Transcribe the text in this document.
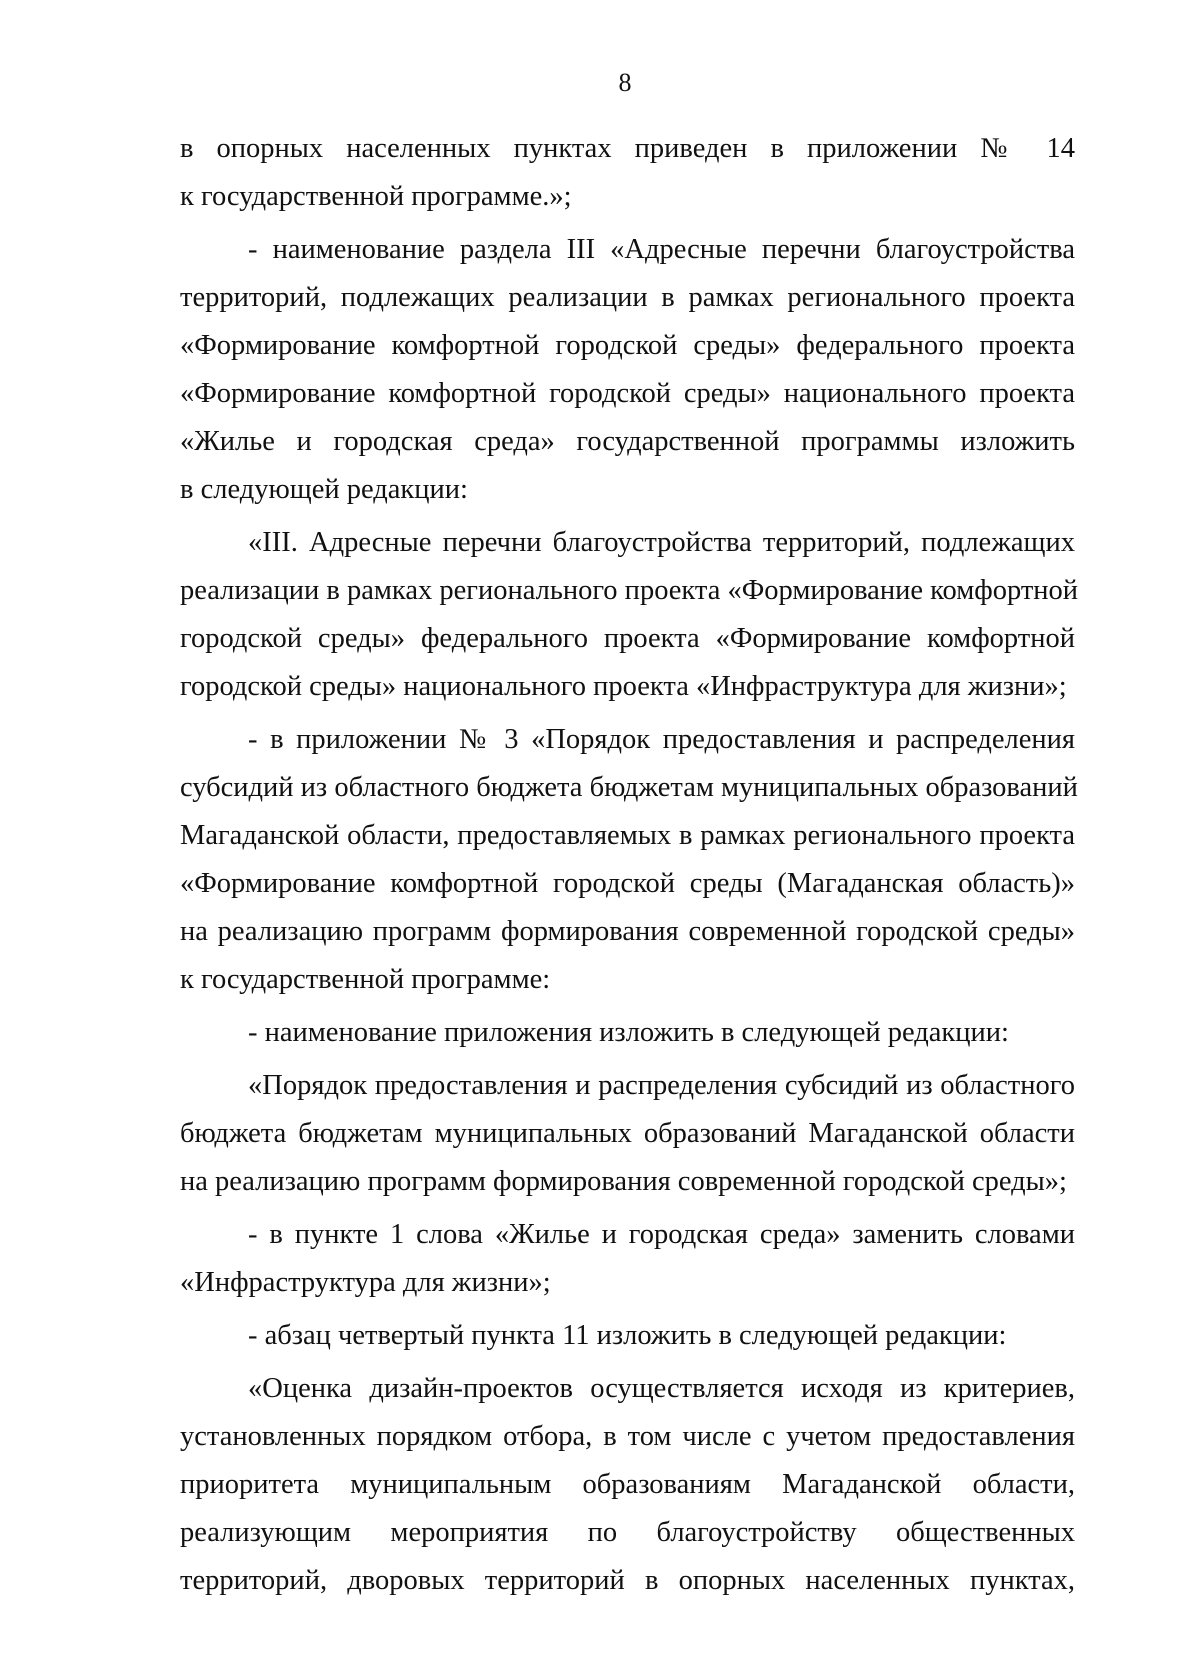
8
в опорных населенных пунктах приведен в приложении № 14
к государственной программе.»;
- наименование раздела III «Адресные перечни благоустройства
территорий, подлежащих реализации в рамках регионального проекта
«Формирование комфортной городской среды» федерального проекта
«Формирование комфортной городской среды» национального проекта
«Жилье и городская среда» государственной программы изложить
в следующей редакции:
«III. Адресные перечни благоустройства территорий, подлежащих
реализации в рамках регионального проекта «Формирование комфортной
городской среды» федерального проекта «Формирование комфортной
городской среды» национального проекта «Инфраструктура для жизни»;
- в приложении № 3 «Порядок предоставления и распределения
субсидий из областного бюджета бюджетам муниципальных образований
Магаданской области, предоставляемых в рамках регионального проекта
«Формирование комфортной городской среды (Магаданская область)»
на реализацию программ формирования современной городской среды»
к государственной программе:
- наименование приложения изложить в следующей редакции:
«Порядок предоставления и распределения субсидий из областного
бюджета бюджетам муниципальных образований Магаданской области
на реализацию программ формирования современной городской среды»;
- в пункте 1 слова «Жилье и городская среда» заменить словами
«Инфраструктура для жизни»;
- абзац четвертый пункта 11 изложить в следующей редакции:
«Оценка дизайн-проектов осуществляется исходя из критериев,
установленных порядком отбора, в том числе с учетом предоставления
приоритета муниципальным образованиям Магаданской области,
реализующим мероприятия по благоустройству общественных
территорий, дворовых территорий в опорных населенных пунктах,
